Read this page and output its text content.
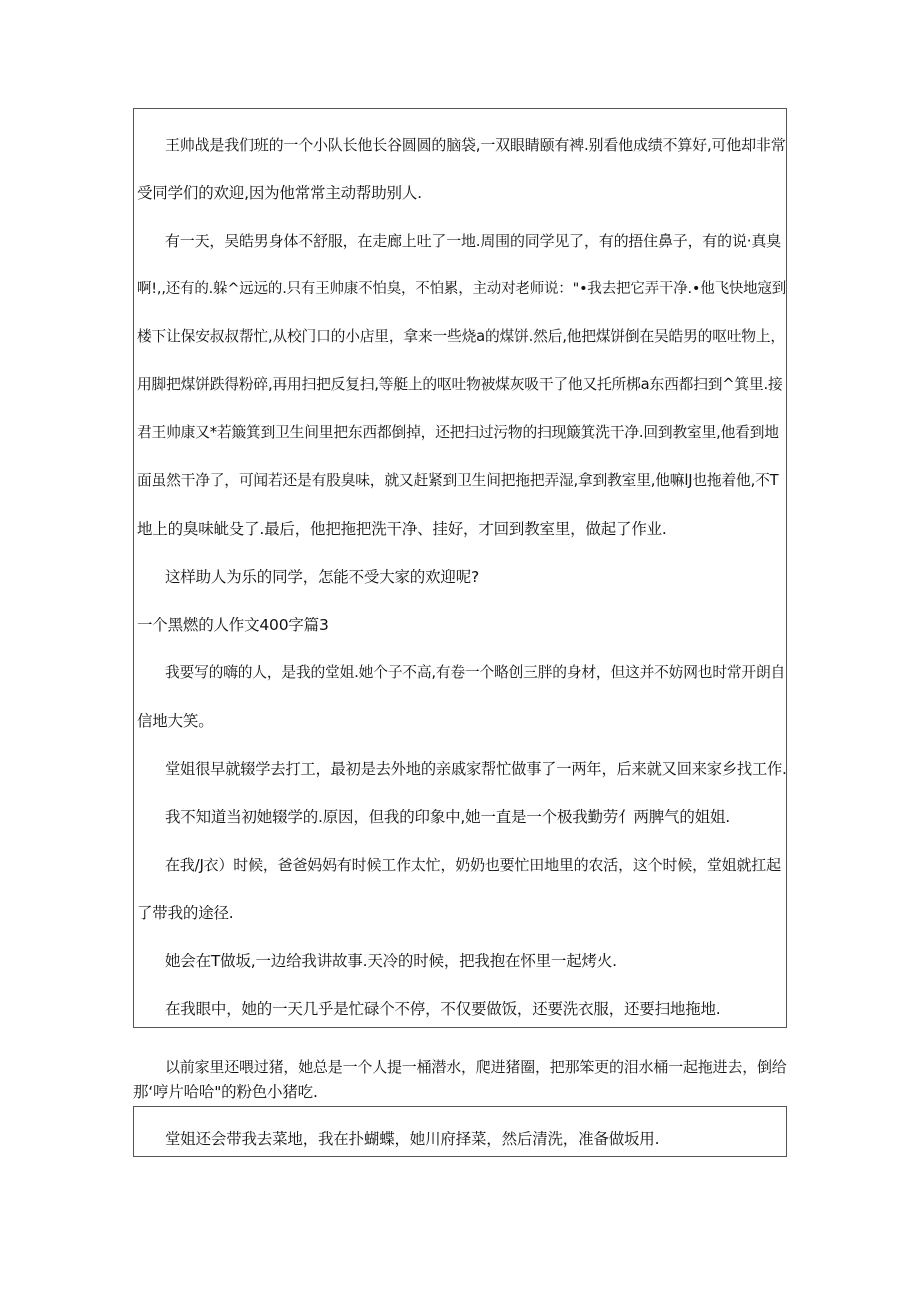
王帅战是我们班的一个小队长他长谷圆圆的脑袋,一双眼睛颐有裨.别看他成绩不算好,可他却非常
受同学们的欢迎,因为他常常主动帮助别人.
有一天，吴皓男身体不舒服，在走廊上吐了一地.周围的同学见了，有的捂住鼻子，有的说·真臭
啊!,,还有的.躲^远远的.只有王帅康不怕臭，不怕累，主动对老师说："•我去把它弄干净.•他飞快地寇到
楼下让保安叔叔帮忙,从校门口的小店里，拿来一些烧a的煤饼.然后,他把煤饼倒在吴皓男的呕吐物上，
用脚把煤饼跌得粉碎,再用扫把反复扫,等艇上的呕吐物被煤灰吸干了他又托所梆a东西都扫到^箕里.接
君王帅康又*若簸箕到卫生间里把东西都倒掉，还把扫过污物的扫现簸箕洗干净.回到教室里,他看到地
面虽然干净了，可闻若还是有股臭味，就又赶紧到卫生间把拖把弄湿,拿到教室里,他嘛lJ也拖着他,不T
地上的臭味皉殳了.最后，他把拖把洗干净、挂好，才回到教室里，做起了作业.
这样助人为乐的同学，怎能不受大家的欢迎呢?
一个黑燃的人作文400字篇3
我要写的嗨的人，是我的堂姐.她个子不高,有卷一个略创三胖的身材，但这并不妨网也时常开朗自
信地大笑。
堂姐很早就辍学去打工，最初是去外地的亲戚家帮忙做事了一两年，后来就又回来家乡找工作.
我不知道当初她辍学的.原因，但我的印象中,她一直是一个极我勤劳亻两脾气的姐姐.
在我/J衣）时候，爸爸妈妈有时候工作太忙，奶奶也要忙田地里的农活，这个时候，堂姐就扛起
了带我的途径.
她会在T做坂,一边给我讲故事.天冷的时候，把我抱在怀里一起烤火.
在我眼中，她的一天几乎是忙碌个不停，不仅要做饭，还要洗衣服，还要扫地拖地.
以前家里还喂过猪，她总是一个人提一桶潜水，爬进猪圈，把那笨更的泪水桶一起拖进去，倒给
那‘哼片哈哈"的粉色小猪吃.
堂姐还会带我去菜地，我在扑蝴蝶，她川府择菜，然后清洗，准备做坂用.
